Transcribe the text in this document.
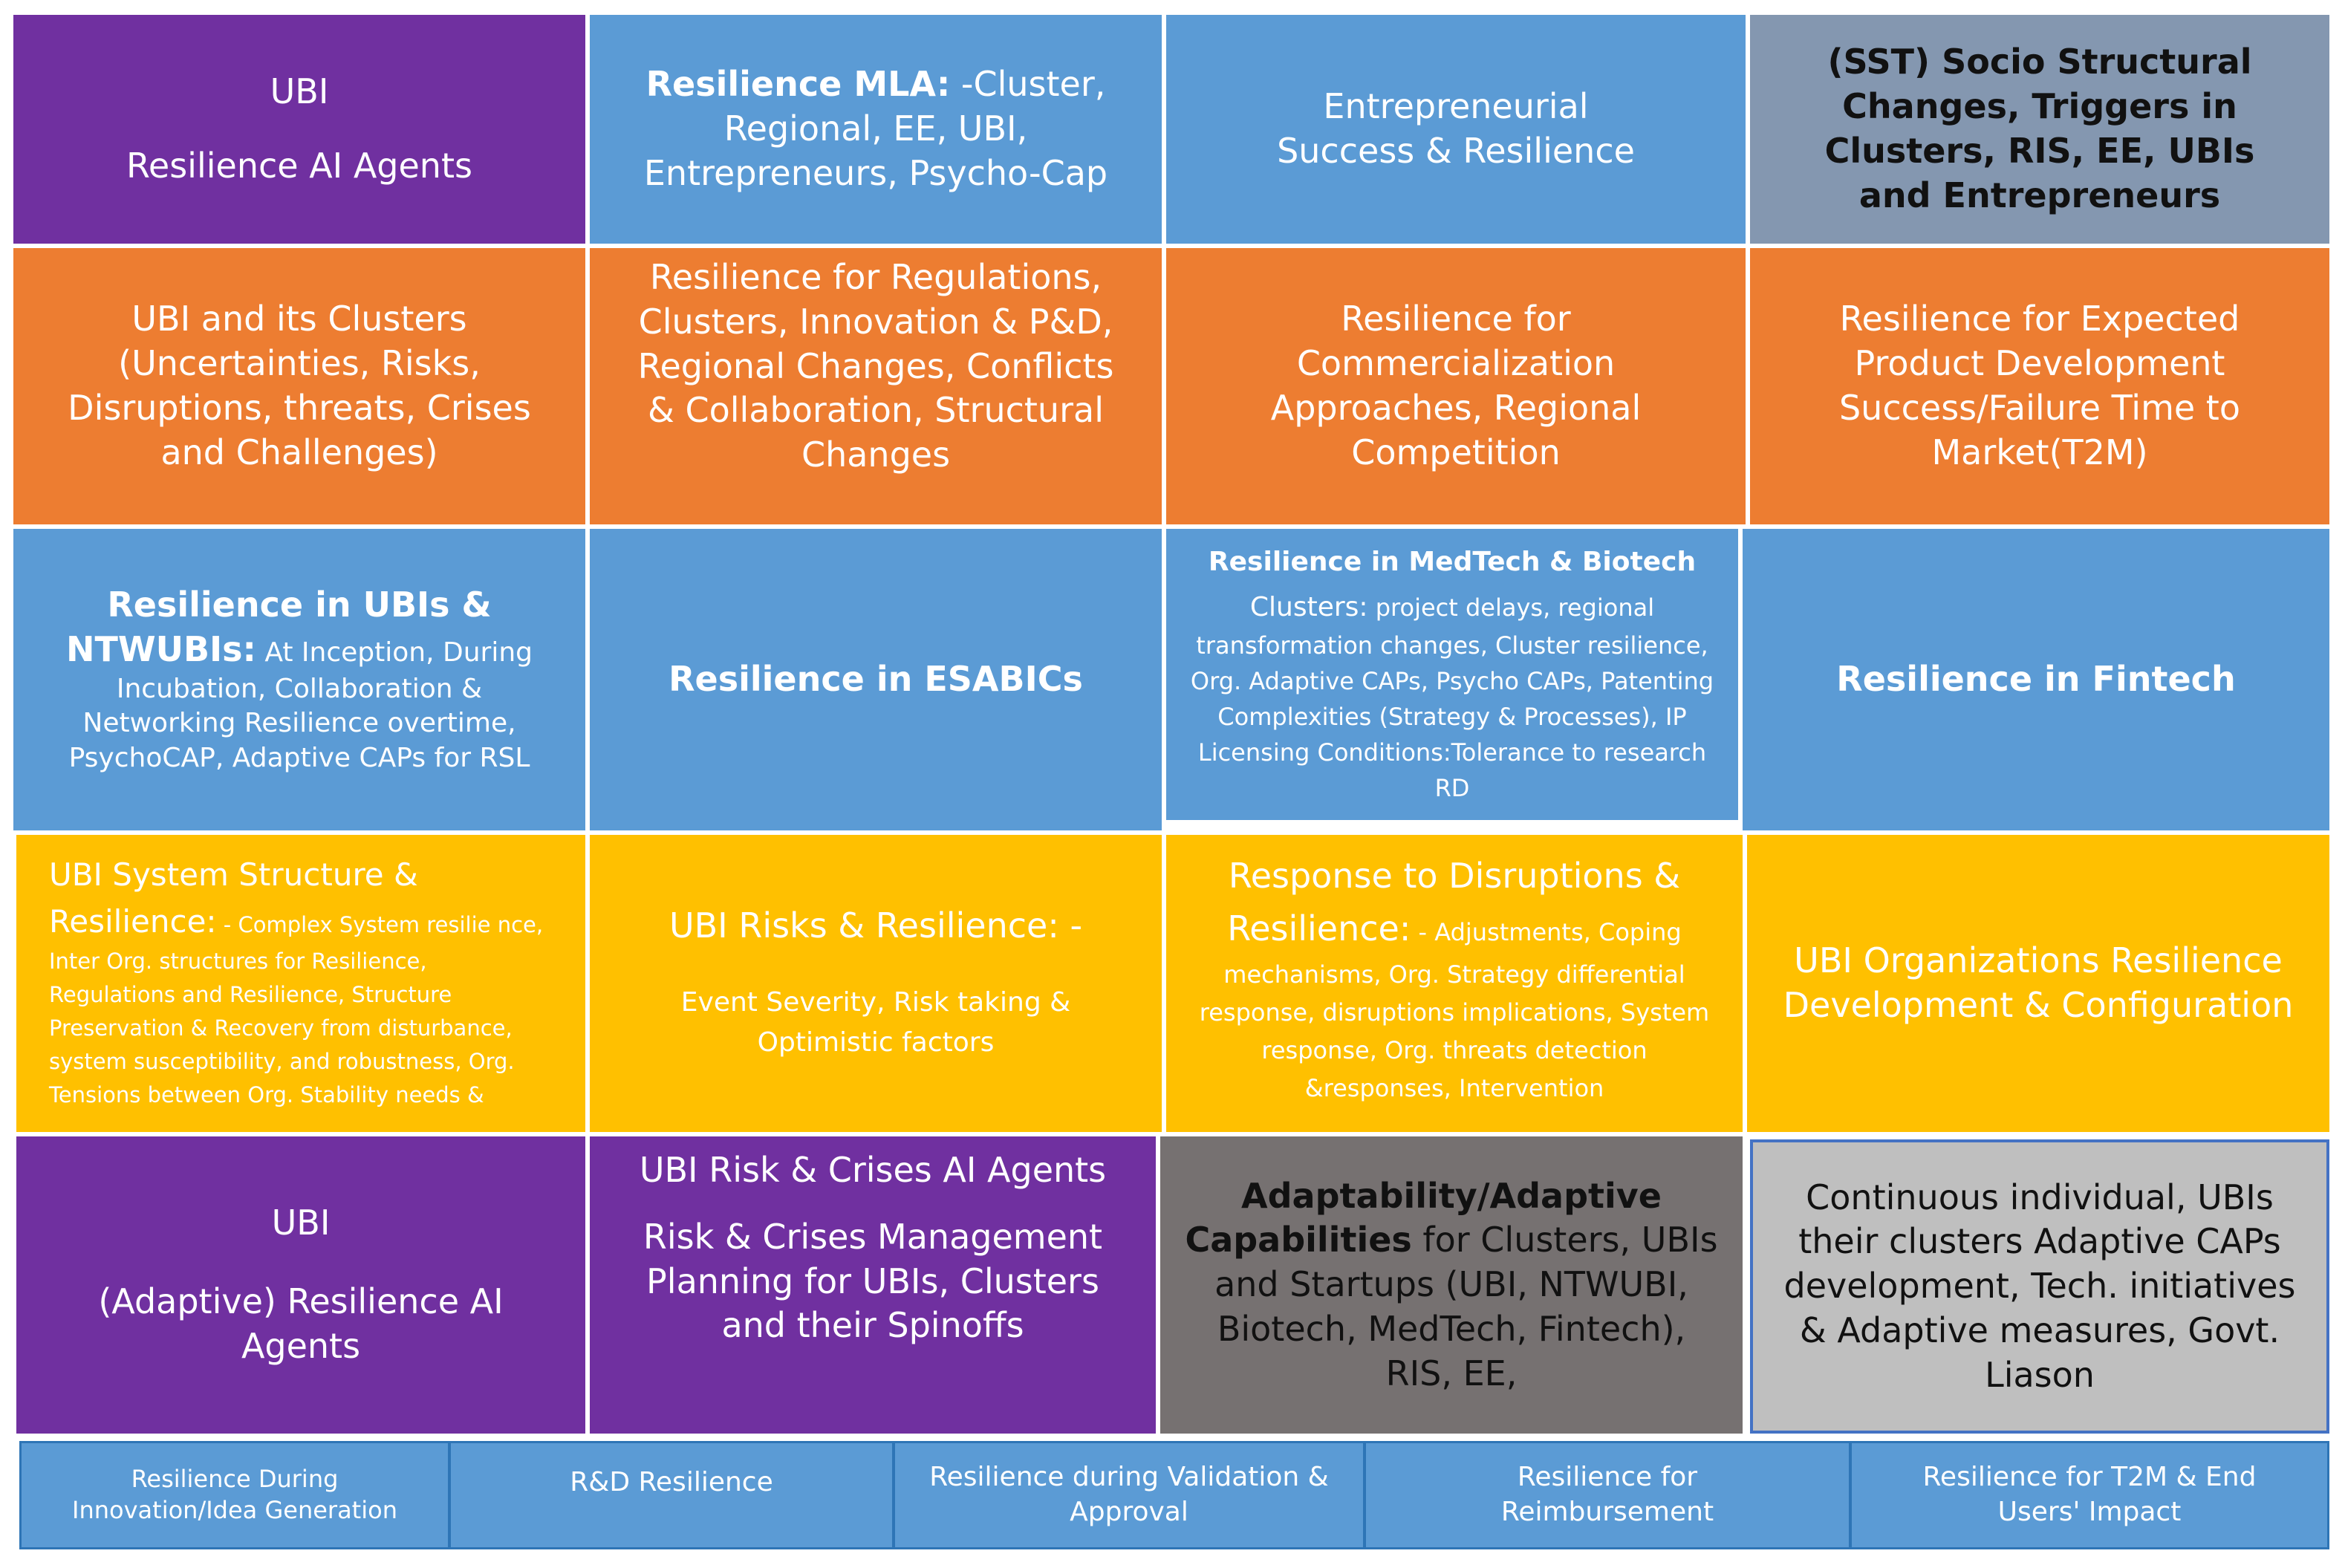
UBI

Resilience AI Agents

Resilience MLA: -Cluster, Regional, EE, UBI, Entrepreneurs, Psycho-Cap

Entrepreneurial Success & Resilience

(SST) Socio Structural Changes, Triggers in Clusters, RIS, EE, UBIs and Entrepreneurs

UBI and its Clusters (Uncertainties, Risks, Disruptions, threats, Crises and Challenges)

Resilience for Regulations, Clusters, Innovation & P&D, Regional Changes, Conflicts & Collaboration, Structural Changes

Resilience for Commercialization Approaches, Regional Competition

Resilience for Expected Product Development Success/Failure Time to Market(T2M)

Resilience in UBIs &

NTWUBIs: At Inception, During Incubation, Collaboration & Networking Resilience overtime, PsychoCAP, Adaptive CAPs for RSL

Resilience in ESABICs

Resilience in MedTech & Biotech

Clusters: project delays, regional transformation changes, Cluster resilience, Org. Adaptive CAPs, Psycho CAPs, Patenting Complexities (Strategy & Processes), IP Licensing Conditions:Tolerance to research RD

Resilience in Fintech

UBI System Structure & Resilience: - Complex System resilie nce, Inter Org. structures for Resilience, Regulations and Resilience, Structure Preservation & Recovery from disturbance, system susceptibility, and robustness, Org. Tensions between Org. Stability needs &

UBI Risks & Resilience: -

Event Severity, Risk taking & Optimistic factors

Response to Disruptions & Resilience: - Adjustments, Coping mechanisms, Org. Strategy differential response, disruptions implications, System response, Org. threats detection &responses, Intervention

UBI Organizations Resilience Development & Configuration

UBI

(Adaptive) Resilience AI Agents

UBI Risk & Crises AI Agents

Risk & Crises Management Planning for UBIs, Clusters and their Spinoffs

Adaptability/Adaptive Capabilities for Clusters, UBIs and Startups (UBI, NTWUBI, Biotech, MedTech, Fintech), RIS, EE,

Continuous individual, UBIs their clusters Adaptive CAPs development, Tech. initiatives & Adaptive measures, Govt. Liason

Resilience During Innovation/Idea Generation

R&D Resilience	Resilience during Validation & Approval

Resilience for Reimbursement

Resilience for T2M & End Users' Impact
